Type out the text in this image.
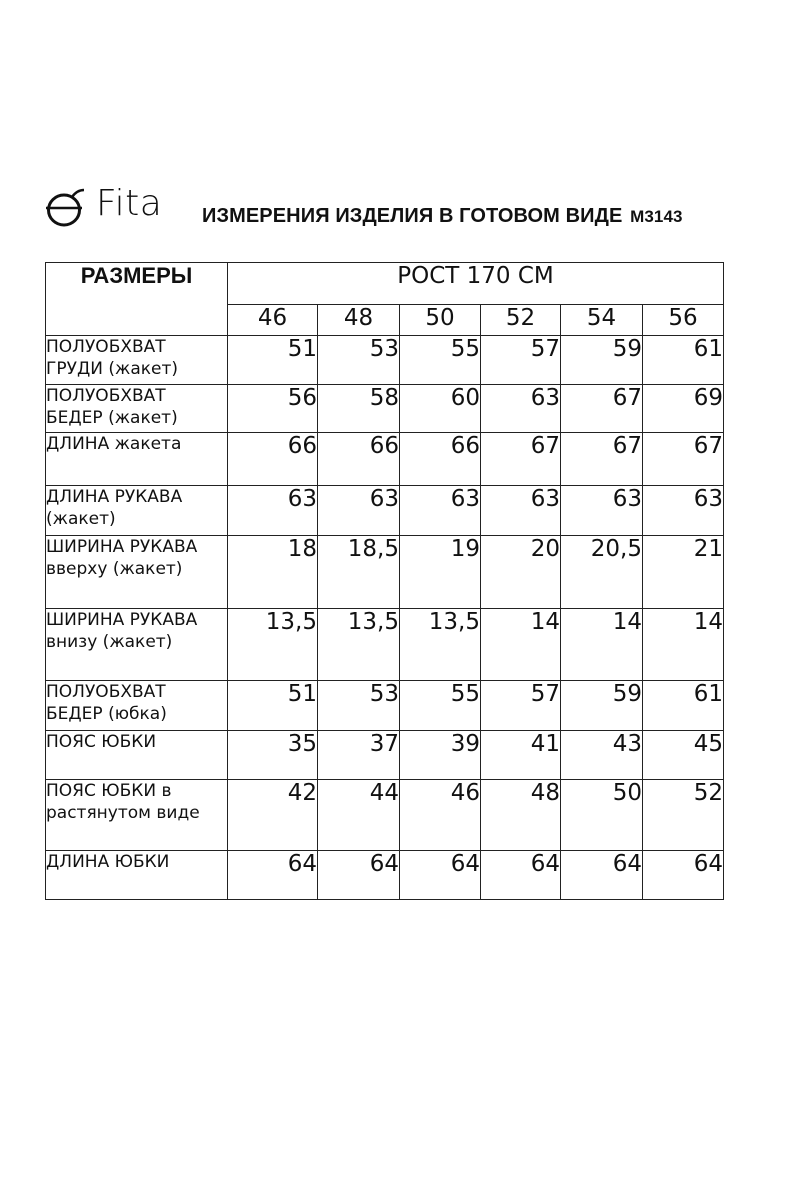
Fita ИЗМЕРЕНИЯ ИЗДЕЛИЯ В ГОТОВОМ ВИДЕ М3143
РАЗМЕРЫ	РОСТ 170 СМ					
	46	48	50	52	54	56
ПОЛУОБХВАТ ГРУДИ (жакет)	51	53	55	57	59	61
ПОЛУОБХВАТ БЕДЕР (жакет)	56	58	60	63	67	69
ДЛИНА жакета	66	66	66	67	67	67
ДЛИНА РУКАВА (жакет)	63	63	63	63	63	63
ШИРИНА РУКАВА вверху (жакет)	18	18,5	19	20	20,5	21
ШИРИНА РУКАВА внизу (жакет)	13,5	13,5	13,5	14	14	14
ПОЛУОБХВАТ БЕДЕР (юбка)	51	53	55	57	59	61
ПОЯС ЮБКИ	35	37	39	41	43	45
ПОЯС ЮБКИ в растянутом виде	42	44	46	48	50	52
ДЛИНА ЮБКИ	64	64	64	64	64	64
